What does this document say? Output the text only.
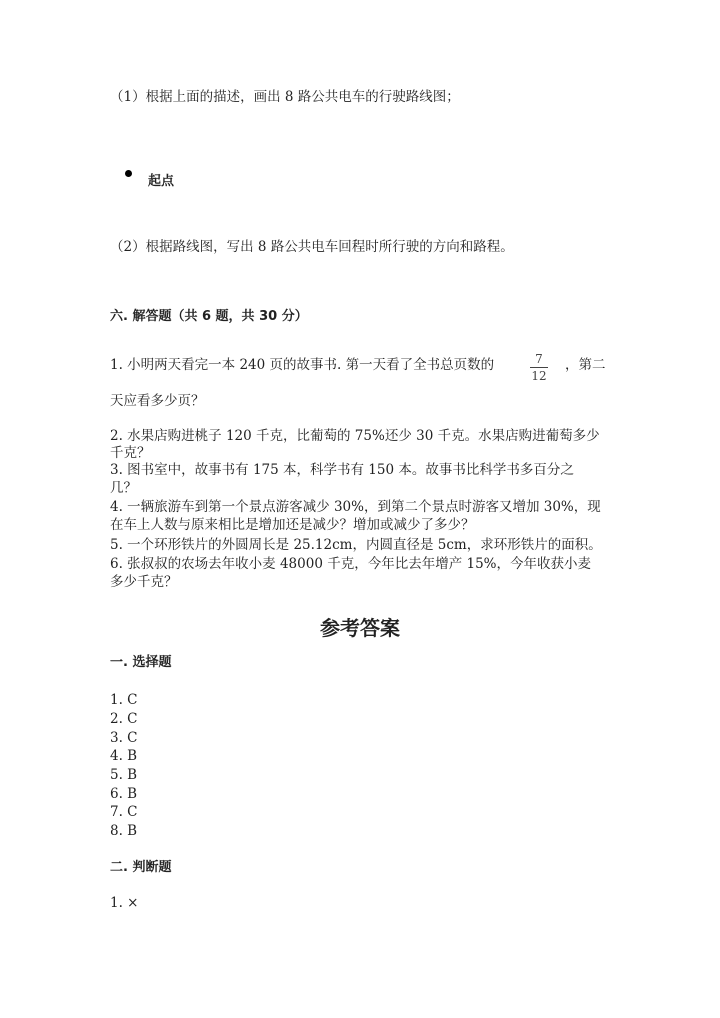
（1）根据上面的描述，画出 8 路公共电车的行驶路线图；
起点
（2）根据路线图，写出 8 路公共电车回程时所行驶的方向和路程。
六. 解答题（共 6 题，共 30 分）
1. 小明两天看完一本 240 页的故事书. 第一天看了全书总页数的	7
12
，第二
天应看多少页？
2. 水果店购进桃子 120 千克，比葡萄的 75%还少 30 千克。水果店购进葡萄多少
千克？
3. 图书室中，故事书有 175 本，科学书有 150 本。故事书比科学书多百分之
几？
4. 一辆旅游车到第一个景点游客减少 30%，到第二个景点时游客又增加 30%，现
在车上人数与原来相比是增加还是减少？增加或减少了多少？
5. 一个环形铁片的外圆周长是 25.12cm，内圆直径是 5cm，求环形铁片的面积。
6. 张叔叔的农场去年收小麦 48000 千克，今年比去年增产 15%，今年收获小麦
多少千克？
参考答案
一. 选择题
1. C
2. C
3. C
4. B
5. B
6. B
7. C
8. B
二. 判断题
1. ×
